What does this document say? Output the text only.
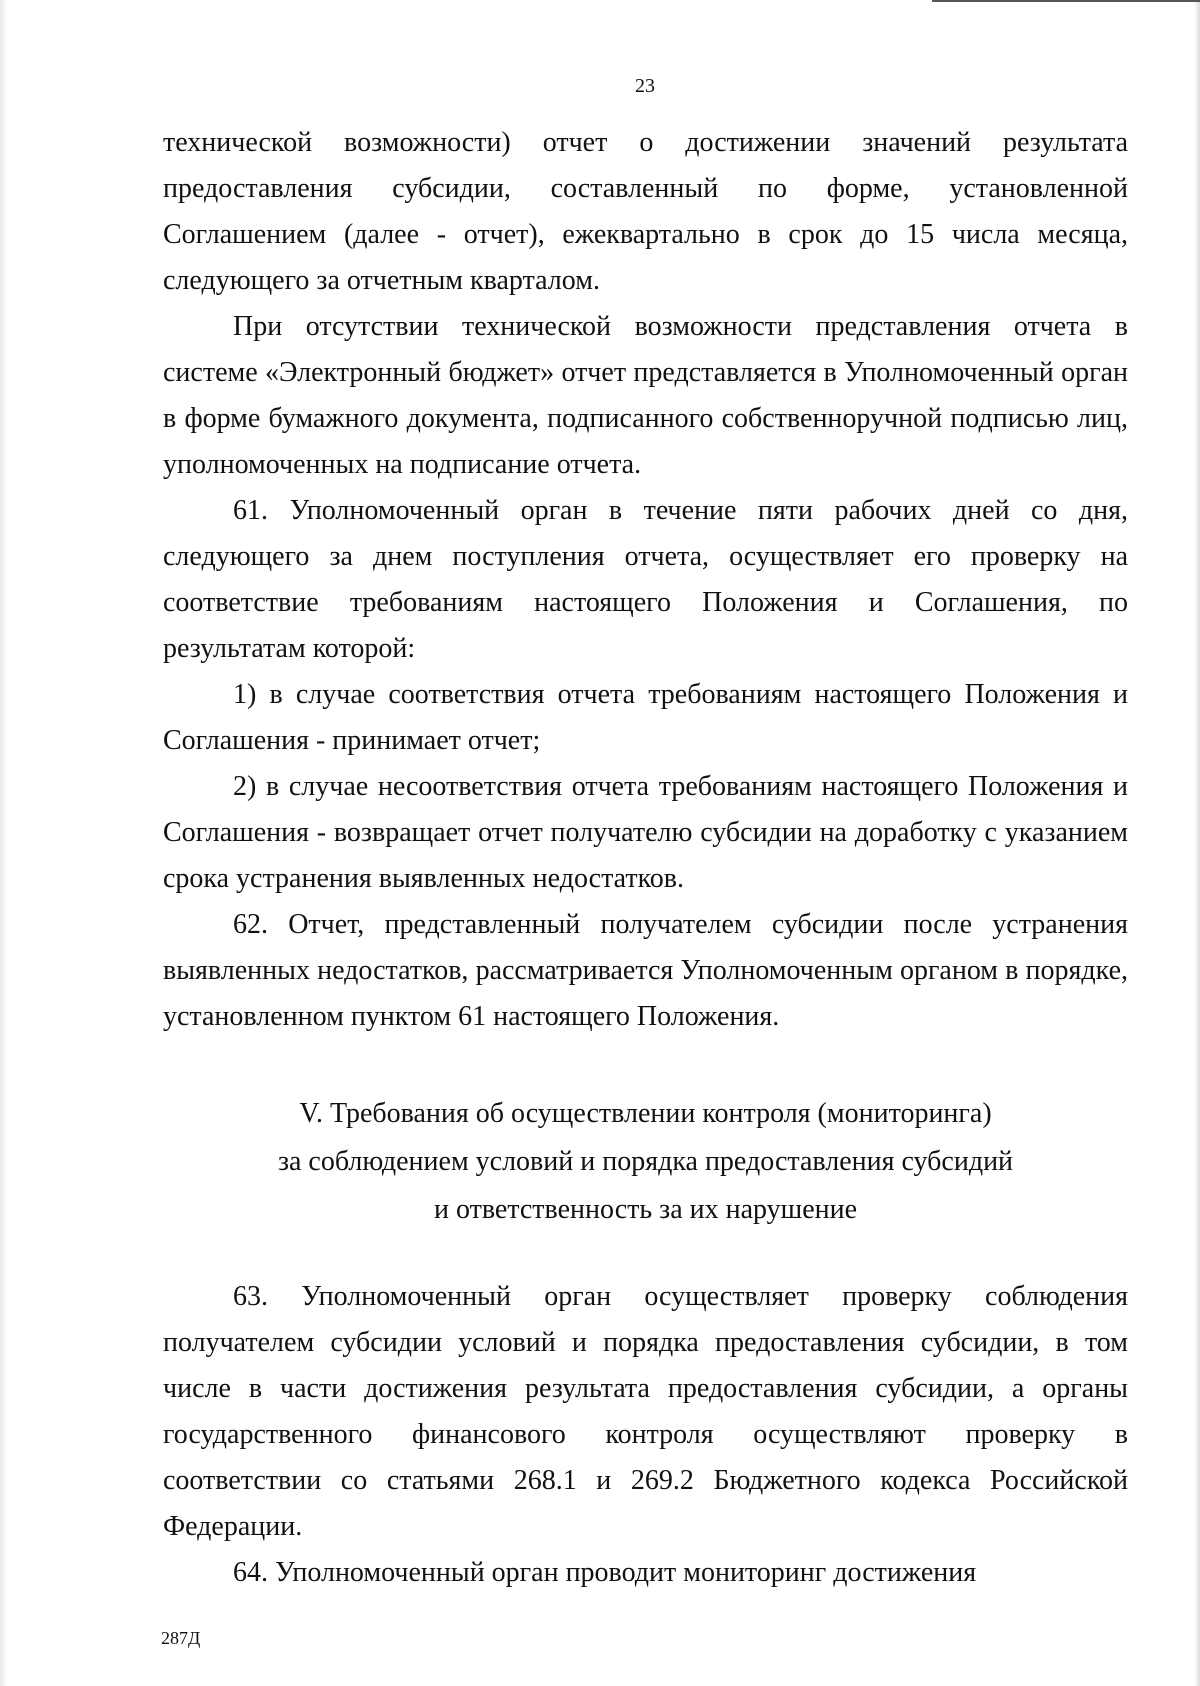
23

технической возможности) отчет о достижении значений результата предоставления субсидии, составленный по форме, установленной Соглашением (далее - отчет), ежеквартально в срок до 15 числа месяца, следующего за отчетным кварталом.

При отсутствии технической возможности представления отчета в системе «Электронный бюджет» отчет представляется в Уполномоченный орган в форме бумажного документа, подписанного собственноручной подписью лиц, уполномоченных на подписание отчета.

61. Уполномоченный орган в течение пяти рабочих дней со дня, следующего за днем поступления отчета, осуществляет его проверку на соответствие требованиям настоящего Положения и Соглашения, по результатам которой:

1) в случае соответствия отчета требованиям настоящего Положения и Соглашения - принимает отчет;

2) в случае несоответствия отчета требованиям настоящего Положения и Соглашения - возвращает отчет получателю субсидии на доработку с указанием срока устранения выявленных недостатков.

62. Отчет, представленный получателем субсидии после устранения выявленных недостатков, рассматривается Уполномоченным органом в порядке, установленном пунктом 61 настоящего Положения.

V. Требования об осуществлении контроля (мониторинга)
за соблюдением условий и порядка предоставления субсидий
и ответственность за их нарушение

63. Уполномоченный орган осуществляет проверку соблюдения получателем субсидии условий и порядка предоставления субсидии, в том числе в части достижения результата предоставления субсидии, а органы государственного финансового контроля осуществляют проверку в соответствии со статьями 268.1 и 269.2 Бюджетного кодекса Российской Федерации.

64. Уполномоченный орган проводит мониторинг достижения

287Д
